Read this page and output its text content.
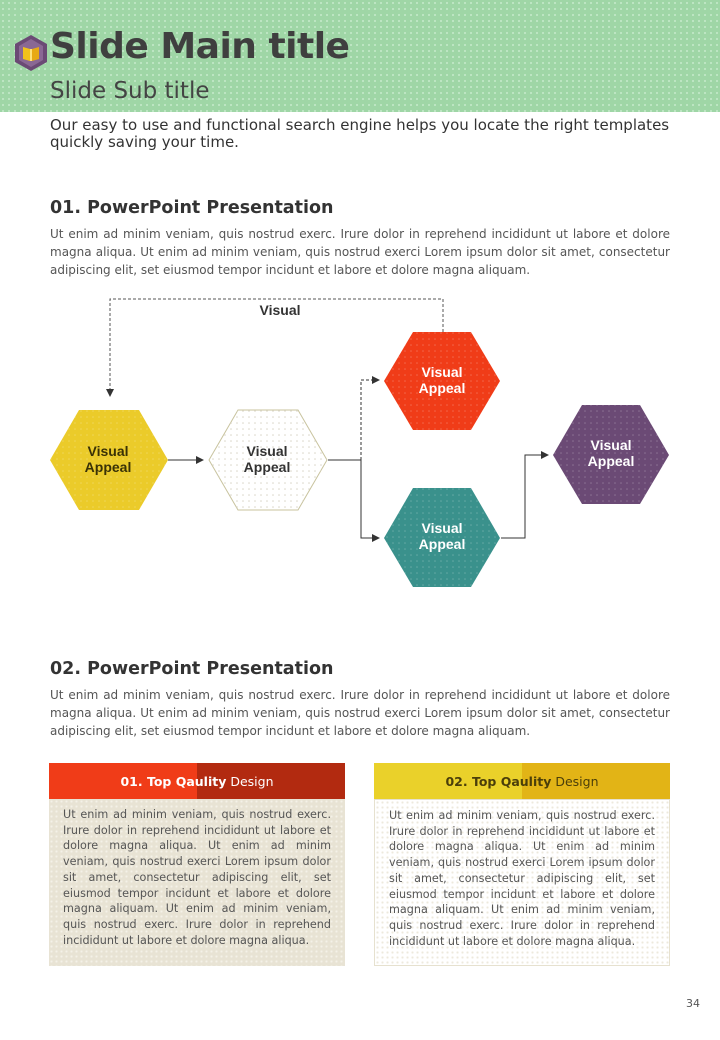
Slide Main title
Slide Sub title

Our easy to use and functional search engine helps you locate the right templates quickly saving your time.

01. PowerPoint Presentation

Ut enim ad minim veniam, quis nostrud exerc. Irure dolor in reprehend incididunt ut labore et dolore magna aliqua. Ut enim ad minim veniam, quis nostrud exerci Lorem ipsum dolor sit amet, consectetur adipiscing elit, set eiusmod tempor incidunt et labore et dolore magna aliquam.

Visual
Visual
Appeal
Visual
Appeal
Visual
Appeal
Visual
Appeal
Visual
Appeal
02. PowerPoint Presentation

Ut enim ad minim veniam, quis nostrud exerc. Irure dolor in reprehend incididunt ut labore et dolore magna aliqua. Ut enim ad minim veniam, quis nostrud exerci Lorem ipsum dolor sit amet, consectetur adipiscing elit, set eiusmod tempor incidunt et labore et dolore magna aliquam.

01. Top Qaulity Design
Ut enim ad minim veniam, quis nostrud exerc. Irure dolor in reprehend incididunt ut labore et dolore magna aliqua. Ut enim ad minim veniam, quis nostrud exerci Lorem ipsum dolor sit amet, consectetur adipiscing elit, set eiusmod tempor incidunt et labore et dolore magna aliquam. Ut enim ad minim veniam, quis nostrud exerc. Irure dolor in reprehend incididunt ut labore et dolore magna aliqua.
02. Top Qaulity Design
Ut enim ad minim veniam, quis nostrud exerc. Irure dolor in reprehend incididunt ut labore et dolore magna aliqua. Ut enim ad minim veniam, quis nostrud exerci Lorem ipsum dolor sit amet, consectetur adipiscing elit, set eiusmod tempor incidunt et labore et dolore magna aliquam. Ut enim ad minim veniam, quis nostrud exerc. Irure dolor in reprehend incididunt ut labore et dolore magna aliqua.
34
